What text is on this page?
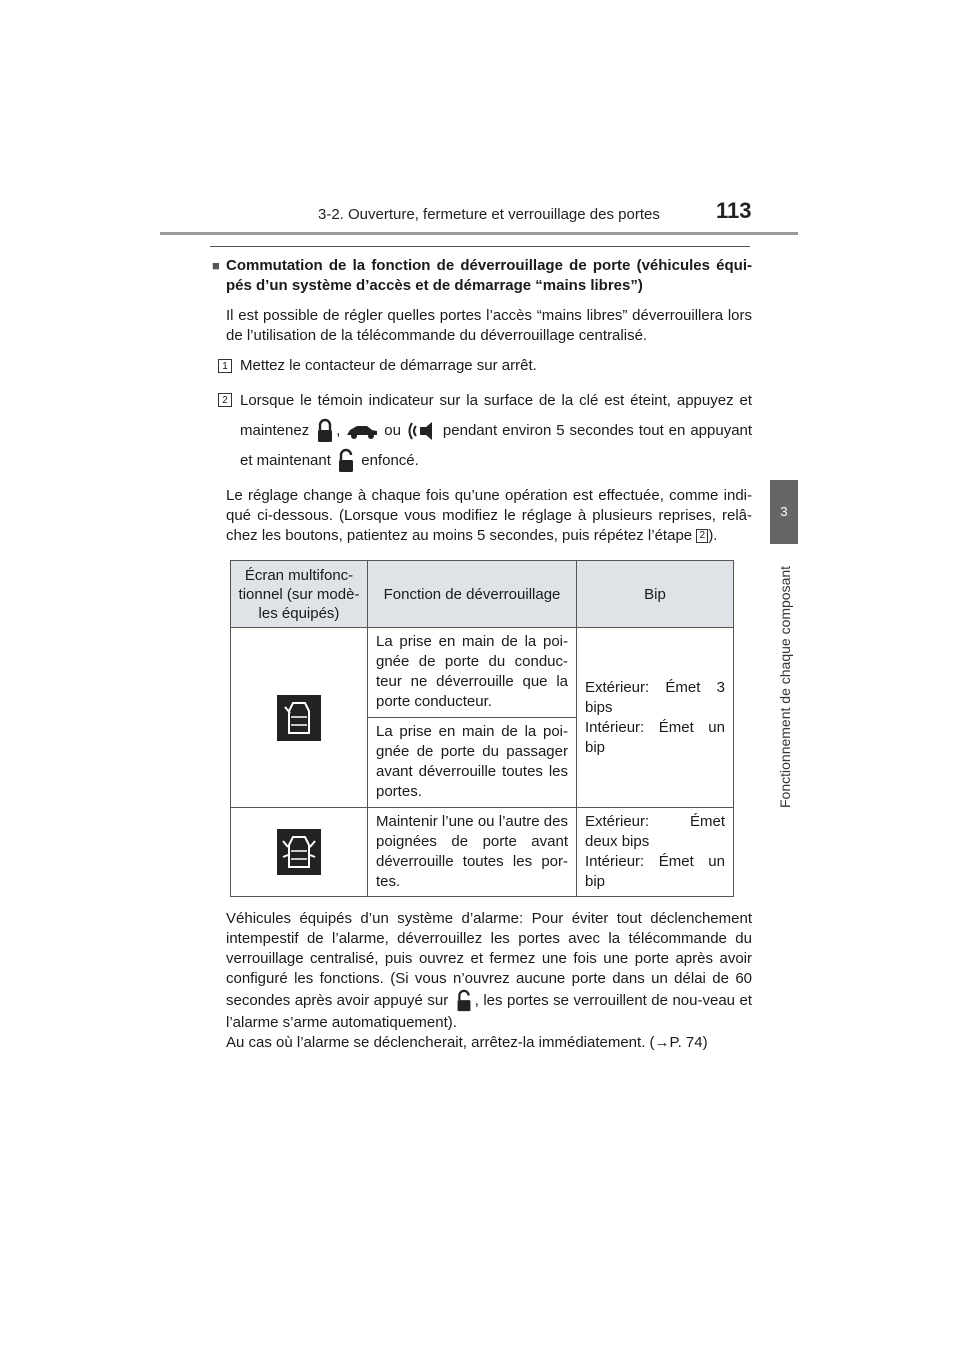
3-2. Ouverture, fermeture et verrouillage des portes	113
3
Fonctionnement de chaque composant
■ Commutation de la fonction de déverrouillage de porte (véhicules équi-pés d’un système d’accès et de démarrage “mains libres”)
Il est possible de régler quelles portes l’accès “mains libres” déverrouillera lors de l’utilisation de la télécommande du déverrouillage centralisé.
1 Mettez le contacteur de démarrage sur arrêt.
2 Lorsque le témoin indicateur sur la surface de la clé est éteint, appuyez et maintenez ,	ou	pendant environ 5 secondes tout en appuyant et maintenant enfoncé.
Le réglage change à chaque fois qu’une opération est effectuée, comme indi-qué ci-dessous. (Lorsque vous modifiez le réglage à plusieurs reprises, relâ-chez les boutons, patientez au moins 5 secondes, puis répétez l’étape 2 ).
Écran multifonc-tionnel (sur modè-les équipés)	Fonction de déverrouillage	Bip
	La prise en main de la poi-gnée de porte du conduc-teur ne déverrouille que la porte conducteur.	Extérieur: Émet 3 bips
Intérieur: Émet un bip
	La prise en main de la poi-gnée de porte du passager avant déverrouille toutes les portes.	
	Maintenir l’une ou l’autre des poignées de porte avant déverrouille toutes les por-tes.	Extérieur: Émet deux bips
Intérieur: Émet un bip
Véhicules équipés d’un système d’alarme: Pour éviter tout déclenchement intempestif de l’alarme, déverrouillez les portes avec la télécommande du verrouillage centralisé, puis ouvrez et fermez une fois une porte après avoir configuré les fonctions. (Si vous n’ouvrez aucune porte dans un délai de 60 secondes après avoir appuyé sur , les portes se verrouillent de nou-veau et l’alarme s’arme automatiquement).
Au cas où l’alarme se déclencherait, arrêtez-la immédiatement. (→P. 74)
